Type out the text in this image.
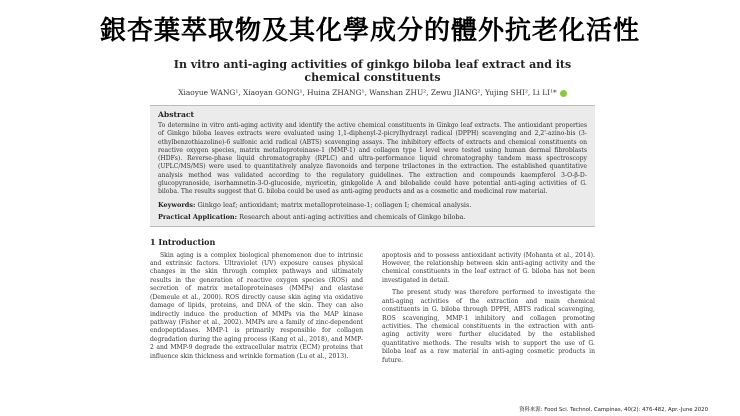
銀杏葉萃取物及其化學成分的體外抗老化活性
In vitro anti-aging activities of ginkgo biloba leaf extract and its chemical constituents
Xiaoyue WANG¹, Xiaoyan GONG¹, Huina ZHANG¹, Wanshan ZHU², Zewu JIANG², Yujing SHI², Li LI¹*
Abstract
To determine in vitro anti-aging activity and identify the active chemical constituents in Ginkgo leaf extracts. The antioxidant properties of Ginkgo biloba leaves extracts were evaluated using 1,1-diphenyl-2-picrylhydrazyl radical (DPPH) scavenging and 2,2'-azino-bis (3-ethylbenzothiazoline)-6 sulfonic acid radical (ABTS) scavenging assays. The inhibitory effects of extracts and chemical constituents on reactive oxygen species, matrix metalloproteinase-1 (MMP-1) and collagen type I level were tested using human dermal fibroblasts (HDFs). Reverse-phase liquid chromatography (RPLC) and ultra-performance liquid chromatography tandem mass spectroscopy (UPLC/MS/MS) were used to quantitatively analyze flavonoids and terpene trilactones in the extraction. The established quantitative analysis method was validated according to the regulatory guidelines. The extraction and compounds kaempferol 3-O-β-D-glucopyranoside, isorhamnetin-3-O-glucoside, myricetin, ginkgolide A and bilobalide could have potential anti-aging activities of G. biloba. The results suggest that G. biloba could be used as anti-aging products and as a cosmetic and medicinal raw material.
Keywords: Ginkgo leaf; antioxidant; matrix metalloproteinase-1; collagen I; chemical analysis.
Practical Application: Research about anti-aging activities and chemicals of Ginkgo biloba.
1 Introduction

Skin aging is a complex biological phenomenon due to intrinsic and extrinsic factors. Ultraviolet (UV) exposure causes physical changes in the skin through complex pathways and ultimately results in the generation of reactive oxygen species (ROS) and secretion of matrix metalloproteinases (MMPs) and elastase (Demeule et al., 2000). ROS directly cause skin aging via oxidative damage of lipids, proteins, and DNA of the skin. They can also indirectly induce the production of MMPs via the MAP kinase pathway (Fisher et al., 2002). MMPs are a family of zinc-dependent endopeptidases. MMP-1 is primarily responsible for collagen degradation during the aging process (Kang et al., 2018), and MMP-2 and MMP-9 degrade the extracellular matrix (ECM) proteins that influence skin thickness and wrinkle formation (Lu et al., 2013).

apoptosis and to possess antioxidant activity (Mohanta et al., 2014). However, the relationship between skin anti-aging activity and the chemical constituents in the leaf extract of G. biloba has not been investigated in detail.

The present study was therefore performed to investigate the anti-aging activities of the extraction and main chemical constituents in G. biloba through DPPH, ABTS radical scavenging, ROS scavenging, MMP-1 inhibitory and collagen promoting activities. The chemical constituents in the extraction with anti-aging activity were further elucidated by the established quantitative methods. The results wish to support the use of G. biloba leaf as a raw material in anti-aging cosmetic products in future.

資料來源: Food Sci. Technol, Campinas, 40(2): 476-482, Apr.-June 2020
